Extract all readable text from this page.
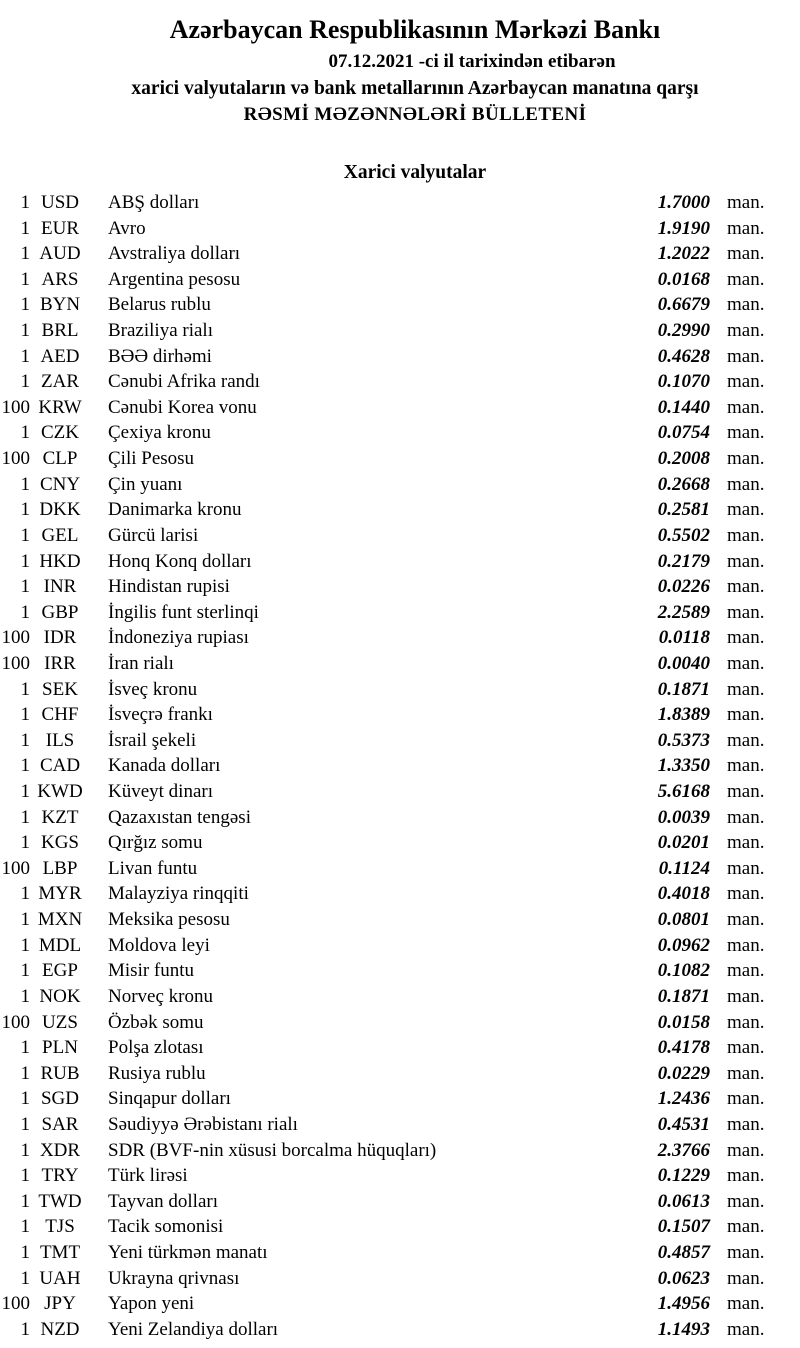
Azərbaycan Respublikasının Mərkəzi Bankı
07.12.2021 -ci il tarixindən etibarən
xarici valyutaların və bank metallarının Azərbaycan manatına qarşı
RƏSMİ MƏZƏNNƏLƏRİ BÜLLETENİ
Xarici valyutalar
1 USD	ABŞ dolları	1.7000 man.
1 EUR	Avro	1.9190 man.
1 AUD	Avstraliya dolları	1.2022 man.
1 ARS	Argentina pesosu	0.0168 man.
1 BYN	Belarus rublu	0.6679 man.
1 BRL	Braziliya rialı	0.2990 man.
1 AED	BƏƏ dirhəmi	0.4628 man.
1 ZAR	Cənubi Afrika randı	0.1070 man.
100 KRW	Cənubi Korea vonu	0.1440 man.
1 CZK	Çexiya kronu	0.0754 man.
100 CLP	Çili Pesosu	0.2008 man.
1 CNY	Çin yuanı	0.2668 man.
1 DKK	Danimarka kronu	0.2581 man.
1 GEL	Gürcü larisi	0.5502 man.
1 HKD	Honq Konq dolları	0.2179 man.
1 INR	Hindistan rupisi	0.0226 man.
1 GBP	İngilis funt sterlinqi	2.2589 man.
100 IDR	İndoneziya rupiası	0.0118 man.
100 IRR	İran rialı	0.0040 man.
1 SEK	İsveç kronu	0.1871 man.
1 CHF	İsveçrə frankı	1.8389 man.
1 ILS	İsrail şekeli	0.5373 man.
1 CAD	Kanada dolları	1.3350 man.
1 KWD	Küveyt dinarı	5.6168 man.
1 KZT	Qazaxıstan tengəsi	0.0039 man.
1 KGS	Qırğız somu	0.0201 man.
100 LBP	Livan funtu	0.1124 man.
1 MYR	Malayziya rinqqiti	0.4018 man.
1 MXN	Meksika pesosu	0.0801 man.
1 MDL	Moldova leyi	0.0962 man.
1 EGP	Misir funtu	0.1082 man.
1 NOK	Norveç kronu	0.1871 man.
100 UZS	Özbək somu	0.0158 man.
1 PLN	Polşa zlotası	0.4178 man.
1 RUB	Rusiya rublu	0.0229 man.
1 SGD	Sinqapur dolları	1.2436 man.
1 SAR	Səudiyyə Ərəbistanı rialı	0.4531 man.
1 XDR	SDR (BVF-nin xüsusi borcalma hüquqları)	2.3766 man.
1 TRY	Türk lirəsi	0.1229 man.
1 TWD	Tayvan dolları	0.0613 man.
1 TJS	Tacik somonisi	0.1507 man.
1 TMT	Yeni türkmən manatı	0.4857 man.
1 UAH	Ukrayna qrivnası	0.0623 man.
100 JPY	Yapon yeni	1.4956 man.
1 NZD	Yeni Zelandiya dolları	1.1493 man.
